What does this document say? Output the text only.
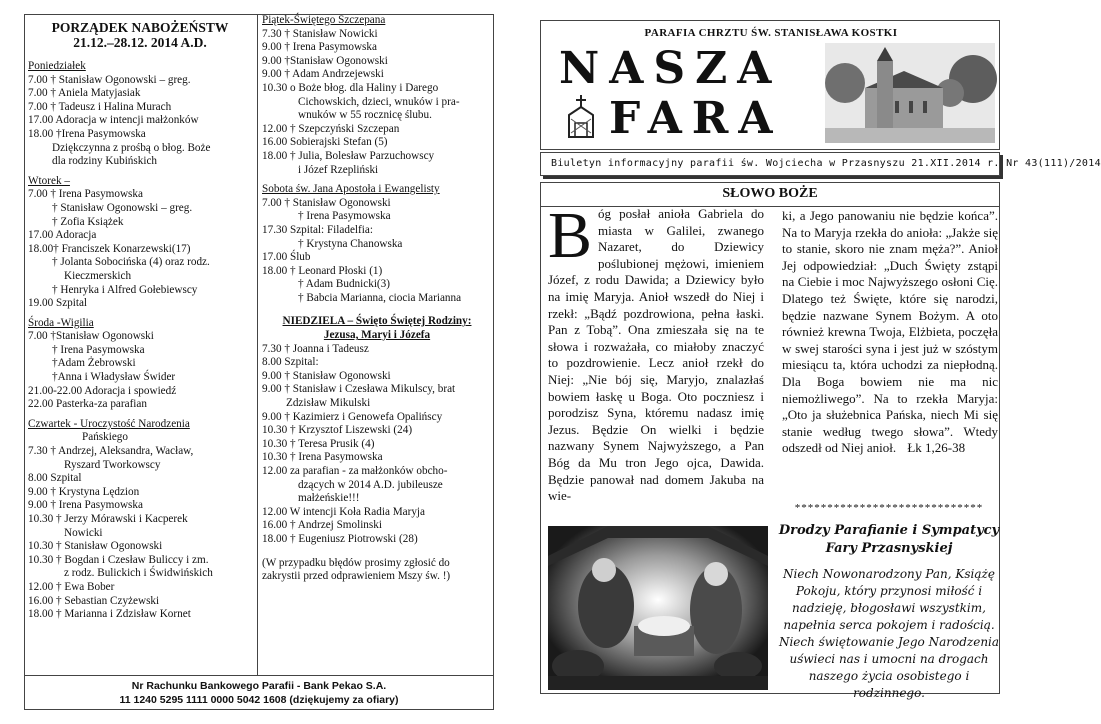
PORZĄDEK NABOŻEŃSTW
21.12.–28.12. 2014 A.D.
Poniedziałek
7.00 † Stanisław Ogonowski – greg.
7.00 † Aniela Matyjasiak
7.00 † Tadeusz i Halina Murach
17.00 Adoracja w intencji małżonków
18.00 †Irena Pasymowska
Dziękczynna z prośbą o błog. Boże
dla rodziny Kubińskich
Wtorek –
7.00 † Irena Pasymowska
† Stanisław Ogonowski – greg.
† Zofia Książek
17.00 Adoracja
18.00† Franciszek Konarzewski(17)
† Jolanta Sobocińska (4) oraz rodz.
Kieczmerskich
† Henryka i Alfred Gołebiewscy
19.00 Szpital
Środa -Wigilia
7.00 †Stanisław Ogonowski
† Irena Pasymowska
†Adam Żebrowski
†Anna i Władysław Świder
21.00-22.00 Adoracja i spowiedź
22.00 Pasterka-za parafian
Czwartek - Uroczystość Narodzenia
Pańskiego
7.30 † Andrzej, Aleksandra, Wacław,
Ryszard Tworkowscy
8.00 Szpital
9.00 † Krystyna Lędzion
9.00 † Irena Pasymowska
10.30 † Jerzy Mórawski i Kacperek
Nowicki
10.30 † Stanisław Ogonowski
10.30 † Bogdan i Czesław Buliccy i zm.
z rodz. Bulickich i Świdwińskich
12.00 † Ewa Bober
16.00 † Sebastian Czyżewski
18.00 † Marianna i Zdzisław Kornet
Piątek-Świętego Szczepana
7.30 † Stanisław Nowicki
9.00 † Irena Pasymowska
9.00 †Stanisław Ogonowski
9.00 † Adam Andrzejewski
10.30 o Boże błog. dla Haliny i Darego
Cichowskich, dzieci, wnuków i pra-
wnuków w 55 rocznicę ślubu.
12.00 † Szepczyński Szczepan
16.00 Sobierajski Stefan (5)
18.00 † Julia, Bolesław Parzuchowscy
i Józef Rzepliński
Sobota św. Jana Apostoła i Ewangelisty
7.00 † Stanisław Ogonowski
† Irena Pasymowska
17.30 Szpital: Filadelfia:
† Krystyna Chanowska
17.00 Ślub
18.00 † Leonard Płoski (1)
† Adam Budnicki(3)
† Babcia Marianna, ciocia Marianna
NIEDZIELA – Święto Świętej Rodziny:
Jezusa, Maryi i Józefa
7.30 † Joanna i Tadeusz
8.00 Szpital:
9.00 † Stanisław Ogonowski
9.00 † Stanisław i Czesława Mikulscy, brat
Zdzisław Mikulski
9.00 † Kazimierz i Genowefa Opalińscy
10.30 † Krzysztof Liszewski (24)
10.30 † Teresa Prusik (4)
10.30 † Irena Pasymowska
12.00 za parafian - za małżonków obcho-
dzących w 2014 A.D. jubileusze
małżeńskie!!!
12.00 W intencji Koła Radia Maryja
16.00 † Andrzej Smolinski
18.00 † Eugeniusz Piotrowski (28)
(W przypadku błędów prosimy zgłosić do
zakrystii przed odprawieniem Mszy św. !)
Nr Rachunku Bankowego Parafii - Bank Pekao S.A.
11 1240 5295 1111 0000 5042 1608 (dziękujemy za ofiary)
PARAFIA CHRZTU ŚW. STANISŁAWA KOSTKI
NASZA
FARA
Biuletyn informacyjny parafii św. Wojciecha w Przasnyszu 21.XII.2014 r. Nr 43(111)/2014
SŁOWO BOŻE
B óg posłał anioła Gabriela do miasta w Galilei, zwanego Nazaret, do Dziewicy poślubionej mężowi, imieniem Józef, z rodu Dawida; a Dziewicy było na imię Maryja. Anioł wszedł do Niej i rzekł: „Bądź pozdrowiona, pełna łaski. Pan z Tobą”. Ona zmieszała się na te słowa i rozważała, co miałoby znaczyć to pozdrowienie. Lecz anioł rzekł do Niej: „Nie bój się, Maryjo, znalazłaś bowiem łaskę u Boga. Oto poczniesz i porodzisz Syna, któremu nadasz imię Jezus. Będzie On wielki i będzie nazwany Synem Najwyższego, a Pan Bóg da Mu tron Jego ojca, Dawida. Będzie panował nad domem Jakuba na wie-
ki, a Jego panowaniu nie będzie końca”. Na to Maryja rzekła do anioła: „Jakże się to stanie, skoro nie znam męża?”. Anioł Jej odpowiedział: „Duch Święty zstąpi na Ciebie i moc Najwyższego osłoni Cię. Dlatego też Święte, które się narodzi, będzie nazwane Synem Bożym. A oto również krewna Twoja, Elżbieta, poczęła w swej starości syna i jest już w szóstym miesiącu ta, która uchodzi za niepłodną. Dla Boga bowiem nie ma nic niemożliwego”. Na to rzekła Maryja: „Oto ja służebnica Pańska, niech Mi się stanie według twego słowa”. Wtedy odszedł od Niej anioł. Łk 1,26-38
*****************************
Drodzy Parafianie i Sympatycy
Fary Przasnyskiej
Niech Nowonarodzony Pan, Książę Pokoju, który przynosi miłość i nadzieję, błogosławi wszystkim, napełnia serca pokojem i radością. Niech świętowanie Jego Narodzenia uświeci nas i umocni na drogach naszego życia osobistego i rodzinnego.
